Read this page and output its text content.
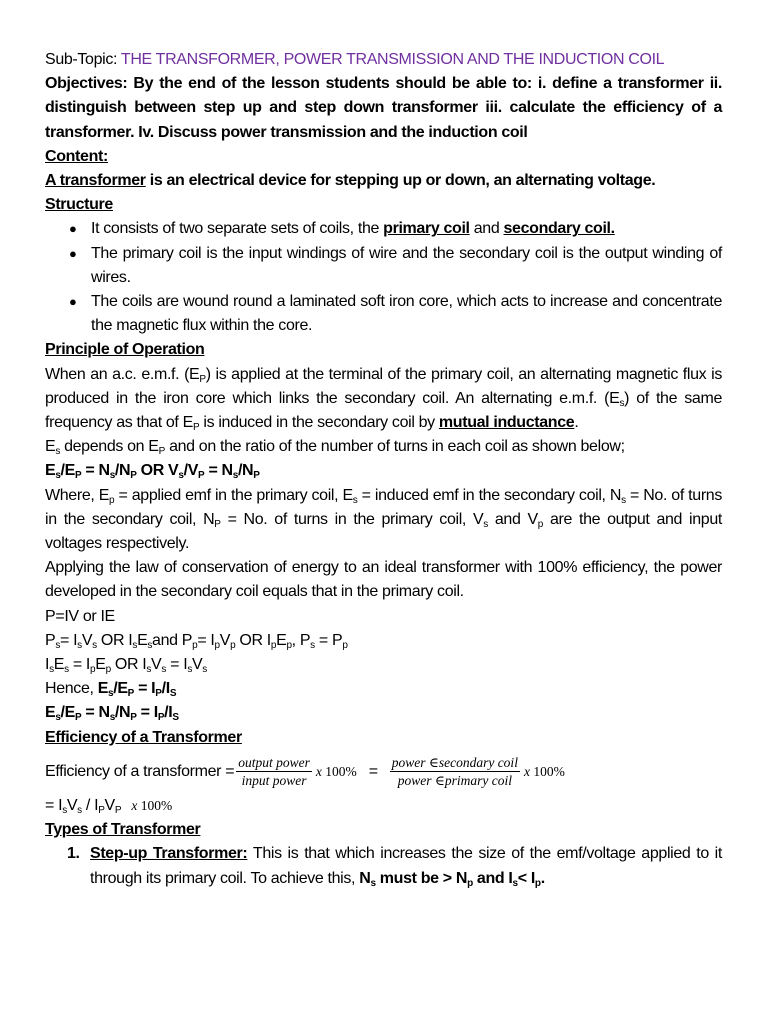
Sub-Topic: THE TRANSFORMER, POWER TRANSMISSION AND THE INDUCTION COIL

Objectives: By the end of the lesson students should be able to: i. define a transformer ii. distinguish between step up and step down transformer iii. calculate the efficiency of a transformer. Iv. Discuss power transmission and the induction coil

Content:

A transformer is an electrical device for stepping up or down, an alternating voltage.

Structure

● It consists of two separate sets of coils, the primary coil and secondary coil.
● The primary coil is the input windings of wire and the secondary coil is the output winding of wires.
● The coils are wound round a laminated soft iron core, which acts to increase and concentrate the magnetic flux within the core.

Principle of Operation

When an a.c. e.m.f. $(E_P)$ is applied at the terminal of the primary coil, an alternating magnetic flux is produced in the iron core which links the secondary coil. An alternating e.m.f. $(E_s)$ of the same frequency as that of $E_P$ is induced in the secondary coil by mutual inductance.

$E_s$ depends on $E_P$ and on the ratio of the number of turns in each coil as shown below;

$E_s/E_P = N_s/N_P$ OR $V_s/V_P = N_s/N_P$

Where, $E_p$ = applied emf in the primary coil, $E_s$ = induced emf in the secondary coil, $N_s = No$. of turns in the secondary coil, $N_P = No$. of turns in the primary coil, $V_s$ and $V_p$ are the output and input voltages respectively.

Applying the law of conservation of energy to an ideal transformer with 100% efficiency, the power developed in the secondary coil equals that in the primary coil.

P=IV or IE

$P_s= I_sV_s$ OR $I_sE_sand$ $P_p= I_pV_p$ OR $I_pE_p$, $P_s = P_p$

$I_sE_s = I_pE_p$ OR $I_sV_s = I_sV_s$

Hence, $E_s/E_P = I_P/I_S$

$E_s/E_P = N_s/N_P = I_P/I_S$

Efficiency of a Transformer

Efficiency of a transformer = $\frac{\text{output power}}{\text{input power}}$ x $100\% = \frac{\text{power ∈secondary coil}}{\text{power ∈primary coil}}$ x 100%

= $I_sV_s / I_PV_P$ x 100%

Types of Transformer

1. Step-up Transformer: This is that which increases the size of the emf/voltage applied to it through its primary coil. To achieve this, $N_s$ must be > $N_p$ and $I_s< I_p$.
